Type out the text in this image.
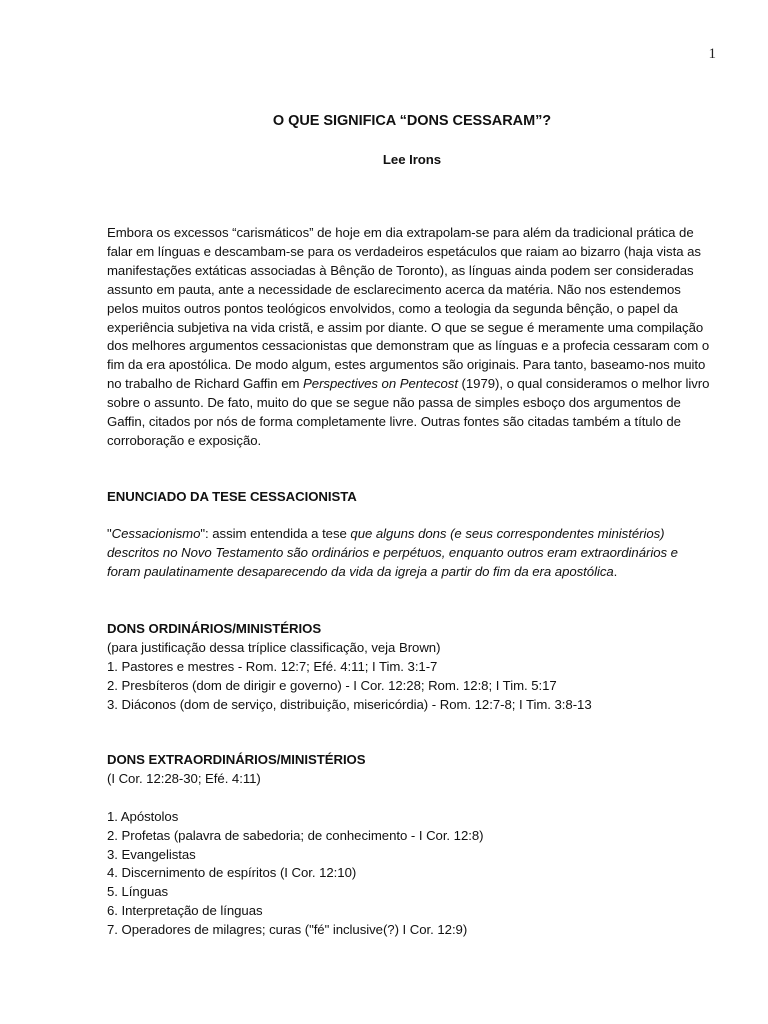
1
O QUE SIGNIFICA “DONS CESSARAM”?
Lee Irons

Embora os excessos “carismáticos” de hoje em dia extrapolam-se para além da tradicional prática de falar em línguas e descambam-se para os verdadeiros espetáculos que raiam ao bizarro (haja vista as manifestações extáticas associadas à Bênção de Toronto), as línguas ainda podem ser consideradas assunto em pauta, ante a necessidade de esclarecimento acerca da matéria. Não nos estendemos pelos muitos outros pontos teológicos envolvidos, como a teologia da segunda bênção, o papel da experiência subjetiva na vida cristã, e assim por diante. O que se segue é meramente uma compilação dos melhores argumentos cessacionistas que demonstram que as línguas e a profecia cessaram com o fim da era apostólica. De modo algum, estes argumentos são originais. Para tanto, baseamo-nos muito no trabalho de Richard Gaffin em Perspectives on Pentecost (1979), o qual consideramos o melhor livro sobre o assunto. De fato, muito do que se segue não passa de simples esboço dos argumentos de Gaffin, citados por nós de forma completamente livre. Outras fontes são citadas também a título de corroboração e exposição.

ENUNCIADO DA TESE CESSACIONISTA

"Cessacionismo": assim entendida a tese que alguns dons (e seus correspondentes ministérios) descritos no Novo Testamento são ordinários e perpétuos, enquanto outros eram extraordinários e foram paulatinamente desaparecendo da vida da igreja a partir do fim da era apostólica.

DONS ORDINÁRIOS/MINISTÉRIOS
(para justificação dessa tríplice classificação, veja Brown)
1. Pastores e mestres - Rom. 12:7; Efé. 4:11; I Tim. 3:1-7
2. Presbíteros (dom de dirigir e governo) - I Cor. 12:28; Rom. 12:8; I Tim. 5:17
3. Diáconos (dom de serviço, distribuição, misericórdia) - Rom. 12:7-8; I Tim. 3:8-13
DONS EXTRAORDINÁRIOS/MINISTÉRIOS
(I Cor. 12:28-30; Efé. 4:11)
1. Apóstolos
2. Profetas (palavra de sabedoria; de conhecimento - I Cor. 12:8)
3. Evangelistas
4. Discernimento de espíritos (I Cor. 12:10)
5. Línguas
6. Interpretação de línguas
7. Operadores de milagres; curas ("fé" inclusive(?) I Cor. 12:9)
